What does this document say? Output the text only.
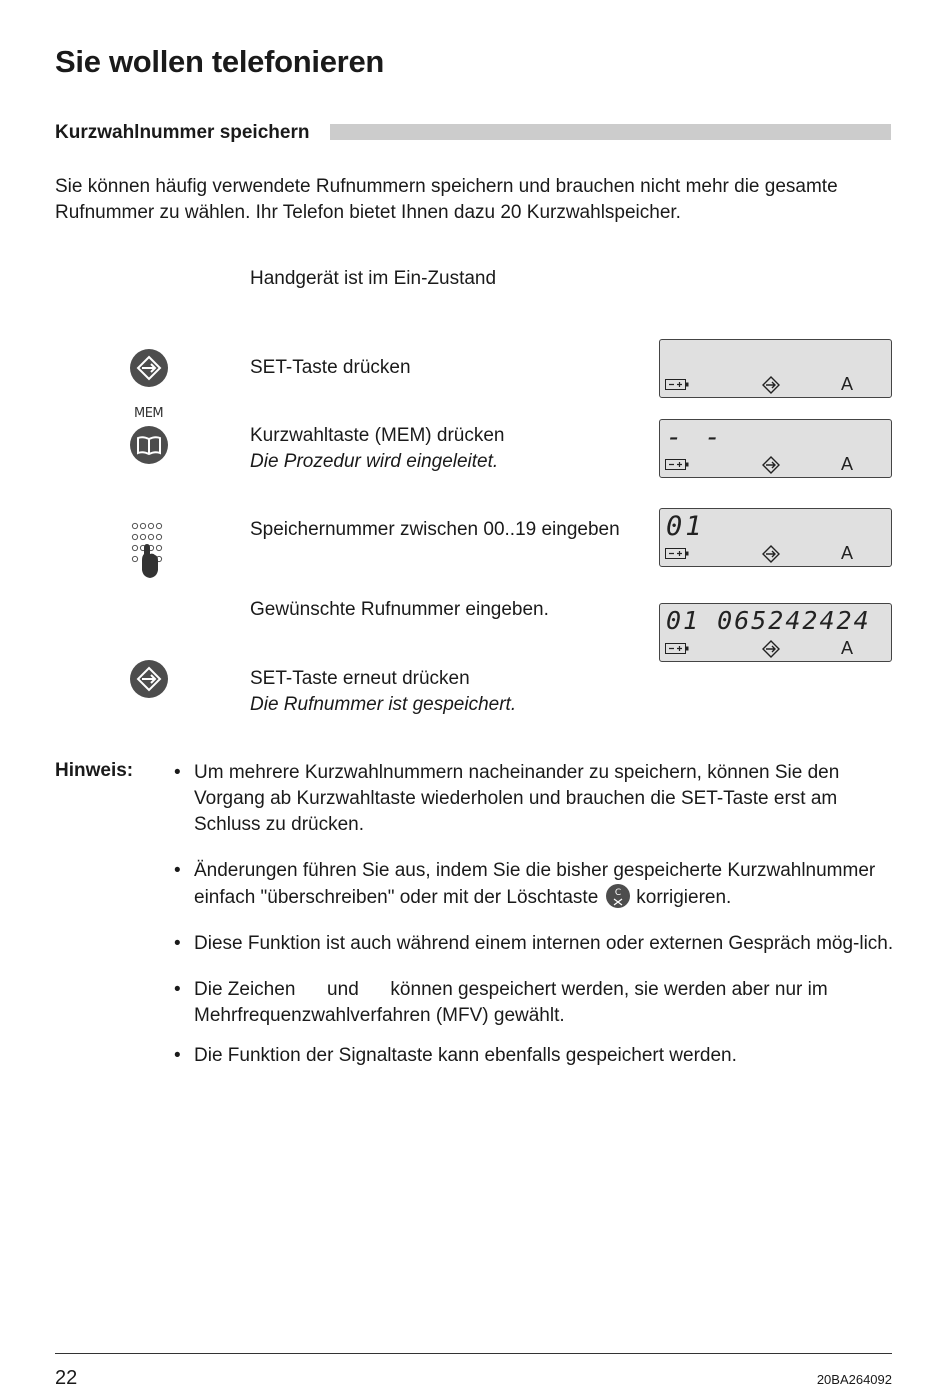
Sie wollen telefonieren
Kurzwahlnummer speichern
Sie können häufig verwendete Rufnummern speichern und brauchen nicht mehr die gesamte Rufnummer zu wählen. Ihr Telefon bietet Ihnen dazu 20 Kurzwahlspeicher.
Handgerät ist im Ein-Zustand
SET-Taste drücken
MEM
Kurzwahltaste (MEM) drücken
Die Prozedur wird eingeleitet.
Speichernummer zwischen 00..19 eingeben
Gewünschte Rufnummer eingeben.
SET-Taste erneut drücken
Die Rufnummer ist gespeichert.
A
- -
A
01
A
01 065242424
A
Hinweis:
•	Um mehrere Kurzwahlnummern nacheinander zu speichern, können Sie den Vorgang ab Kurzwahltaste wiederholen und brauchen die SET-Taste erst am Schluss zu drücken.
• Änderungen führen Sie aus, indem Sie die bisher gespeicherte Kurzwahlnummer einfach "überschreiben" oder mit der Löschtaste C korrigieren.
• Diese Funktion ist auch während einem internen oder externen Gespräch mög-lich.
• Die Zeichen      und      können gespeichert werden, sie werden aber nur im Mehrfrequenzwahlverfahren (MFV) gewählt.
• Die Funktion der Signaltaste kann ebenfalls gespeichert werden.
22	20BA264092
